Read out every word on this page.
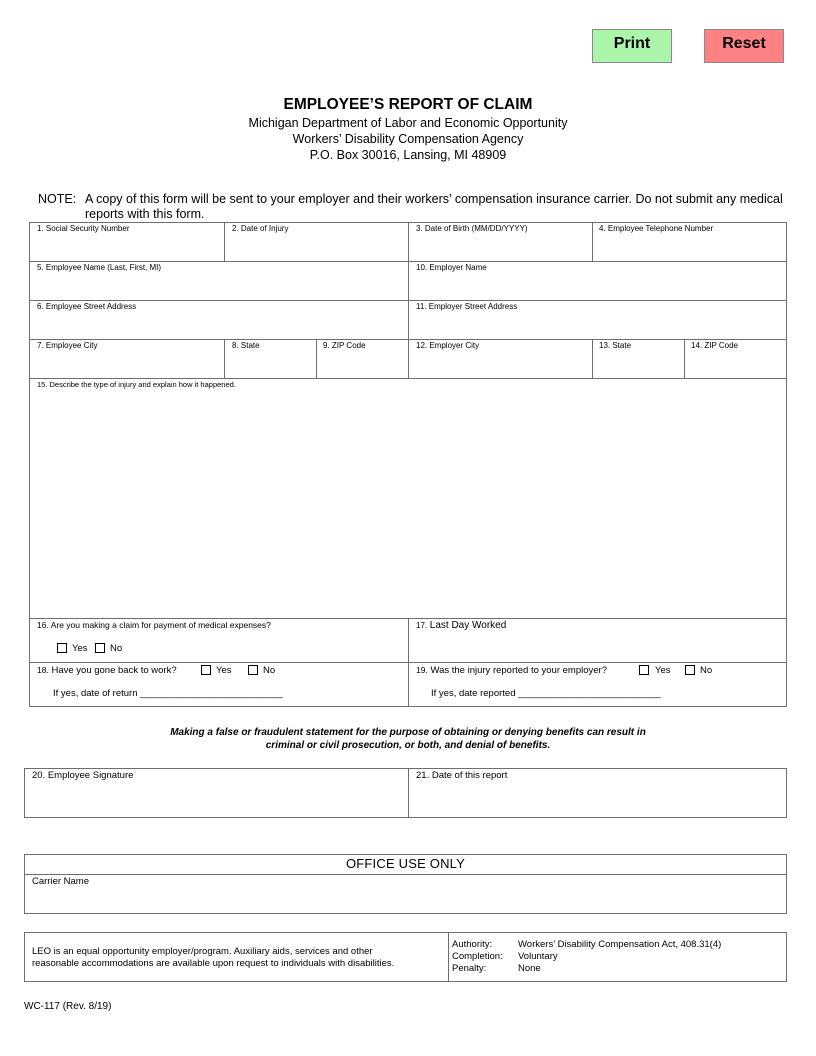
Print	Reset
EMPLOYEE’S REPORT OF CLAIM
Michigan Department of Labor and Economic Opportunity
Workers’ Disability Compensation Agency
P.O. Box 30016, Lansing, MI 48909
NOTE: A copy of this form will be sent to your employer and their workers’ compensation insurance carrier. Do not submit any medical reports with this form.
1. Social Security Number	2. Date of Injury	3. Date of Birth (MM/DD/YYYY)	4. Employee Telephone Number
5. Employee Name (Last, First, MI)	10. Employer Name
6. Employee Street Address	11. Employer Street Address
7. Employee City	8. State	9. ZIP Code	12. Employer City	13. State	14. ZIP Code
15. Describe the type of injury and explain how it happened.
16. Are you making a claim for payment of medical expenses?
Yes No
17. Last Day Worked
18. Have you gone back to work?	Yes	No
If yes, date of return ___________________________
19. Was the injury reported to your employer?	Yes	No
If yes, date reported ___________________________
Making a false or fraudulent statement for the purpose of obtaining or denying benefits can result in
criminal or civil prosecution, or both, and denial of benefits.
20. Employee Signature	21. Date of this report
OFFICE USE ONLY
Carrier Name
LEO is an equal opportunity employer/program. Auxiliary aids, services and other
reasonable accommodations are available upon request to individuals with disabilities.
Authority:	Workers’ Disability Compensation Act, 408.31(4)
Completion: Voluntary
Penalty:	None
WC-117 (Rev. 8/19)
